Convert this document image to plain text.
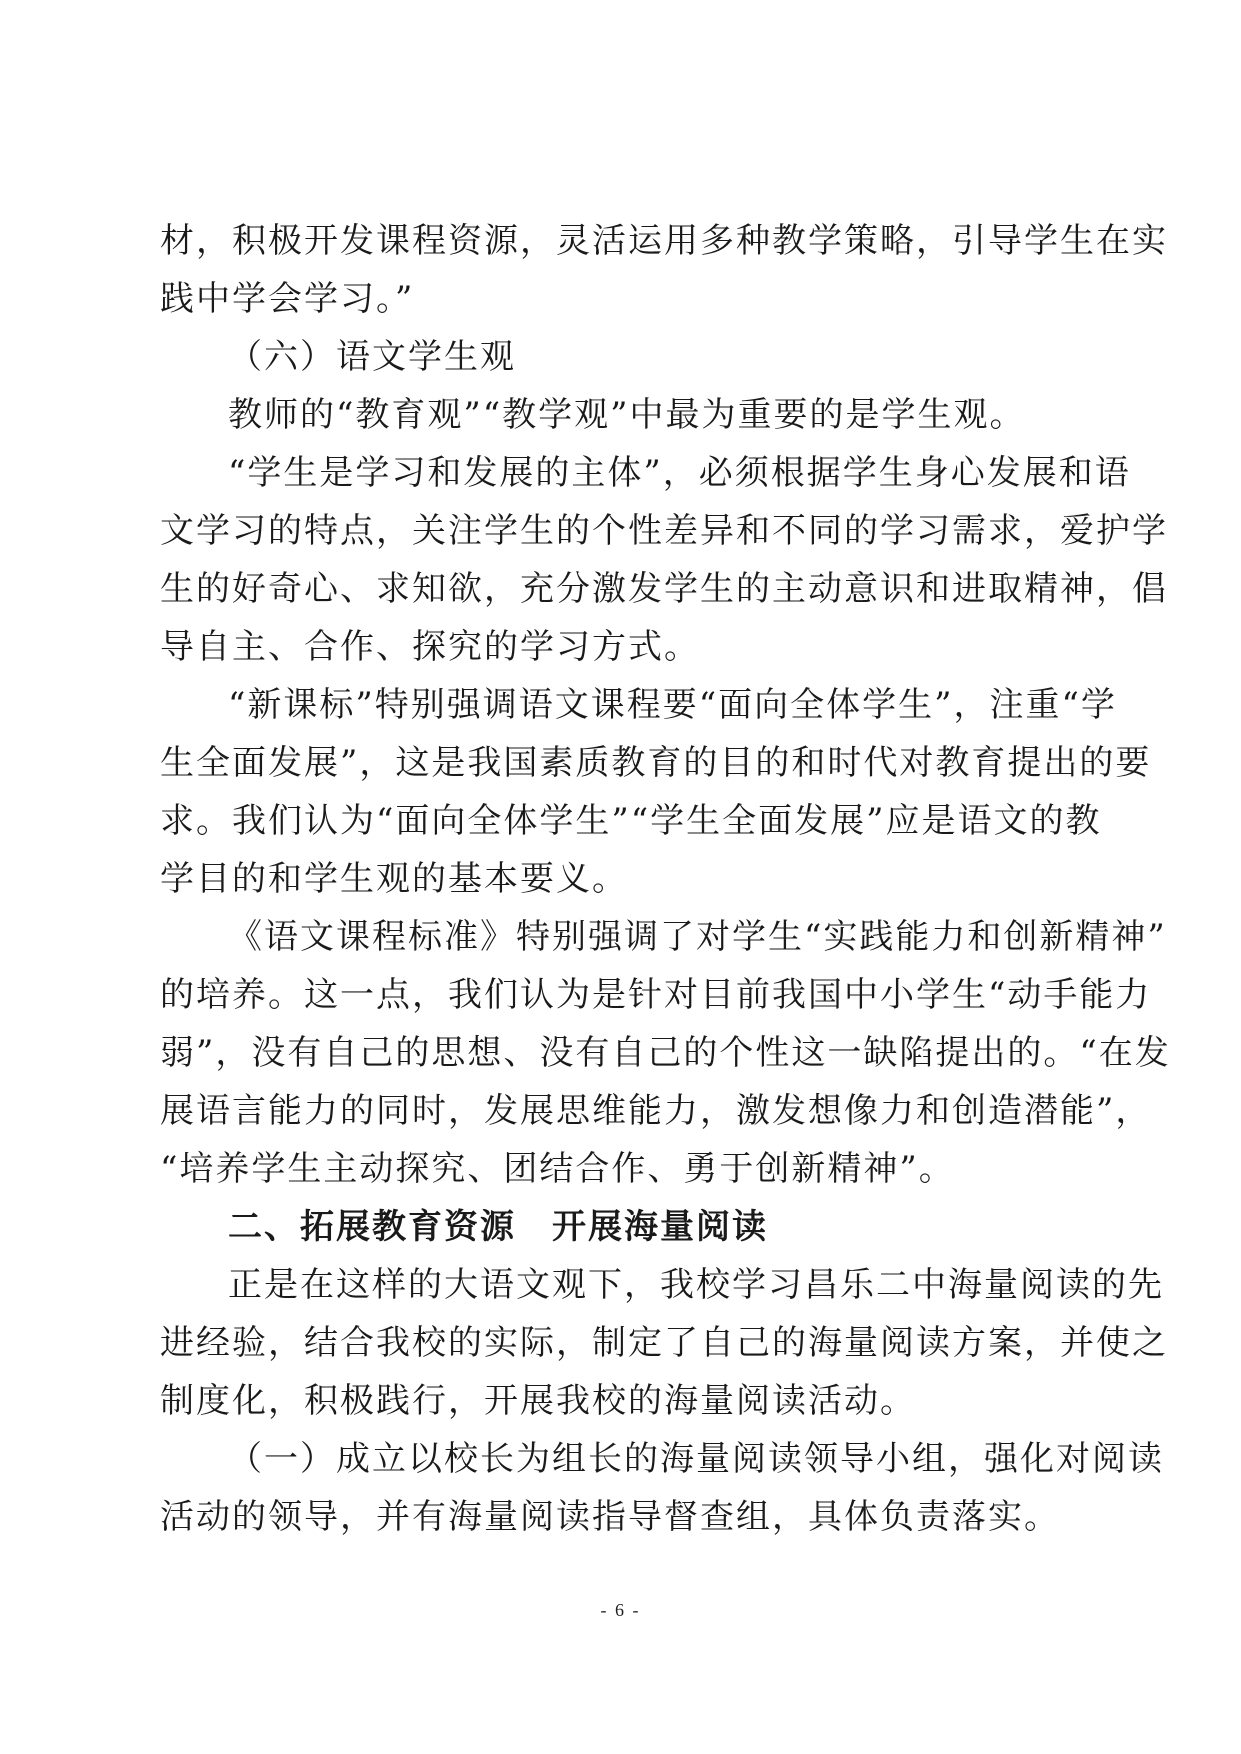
材，积极开发课程资源，灵活运用多种教学策略，引导学生在实
践中学会学习。”
（六）语文学生观
教师的“教育观”“教学观”中最为重要的是学生观。
“学生是学习和发展的主体”，必须根据学生身心发展和语
文学习的特点，关注学生的个性差异和不同的学习需求，爱护学
生的好奇心、求知欲，充分激发学生的主动意识和进取精神，倡
导自主、合作、探究的学习方式。
“新课标”特别强调语文课程要“面向全体学生”，注重“学
生全面发展”，这是我国素质教育的目的和时代对教育提出的要
求。我们认为“面向全体学生”“学生全面发展”应是语文的教
学目的和学生观的基本要义。
《语文课程标准》特别强调了对学生“实践能力和创新精神”
的培养。这一点，我们认为是针对目前我国中小学生“动手能力
弱”，没有自己的思想、没有自己的个性这一缺陷提出的。“在发
展语言能力的同时，发展思维能力，激发想像力和创造潜能”，
“培养学生主动探究、团结合作、勇于创新精神”。
二、拓展教育资源　开展海量阅读
正是在这样的大语文观下，我校学习昌乐二中海量阅读的先
进经验，结合我校的实际，制定了自己的海量阅读方案，并使之
制度化，积极践行，开展我校的海量阅读活动。
（一）成立以校长为组长的海量阅读领导小组，强化对阅读
活动的领导，并有海量阅读指导督查组，具体负责落实。
- 6 -
